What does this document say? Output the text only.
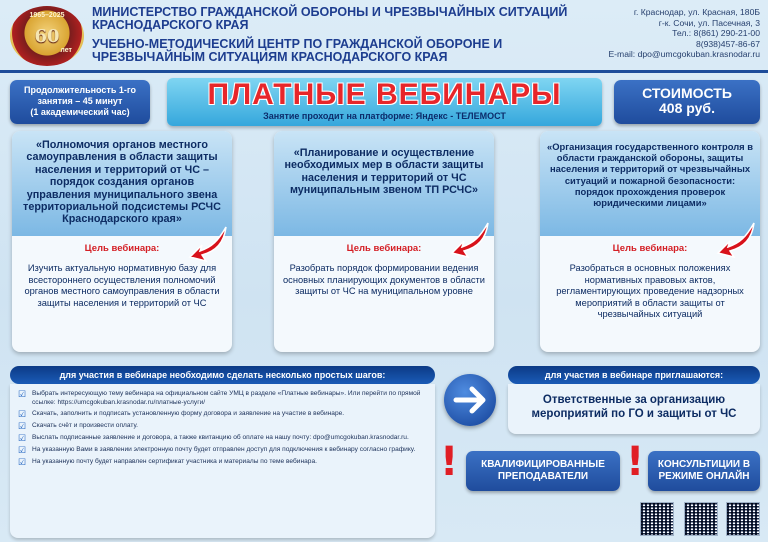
1965–2025
60
лет
МИНИСТЕРСТВО ГРАЖДАНСКОЙ ОБОРОНЫ И ЧРЕЗВЫЧАЙНЫХ СИТУАЦИЙ КРАСНОДАРСКОГО КРАЯ
УЧЕБНО-МЕТОДИЧЕСКИЙ ЦЕНТР ПО ГРАЖДАНСКОЙ ОБОРОНЕ И ЧРЕЗВЫЧАЙНЫМ СИТУАЦИЯМ КРАСНОДАРСКОГО КРАЯ
г. Краснодар, ул. Красная, 180Б
г-к. Сочи, ул. Пасечная, 3
Тел.: 8(861) 290-21-00
8(938)457-86-67
E-mail: dpo@umcgokuban.krasnodar.ru
Продолжительность 1-го
занятия – 45 минут
(1 академический час)
ПЛАТНЫЕ ВЕБИНАРЫ
Занятие проходит на платформе: Яндекс - ТЕЛЕМОСТ
СТОИМОСТЬ
408 руб.
«Полномочия органов местного самоуправления в области защиты населения и территорий от ЧС – порядок создания органов управления муниципального звена территориальной подсистемы РСЧС Краснодарского края»
Цель вебинара:
Изучить актуальную нормативную базу для всестороннего осуществления полномочий органов местного самоуправления в области защиты населения и территорий от ЧС
«Планирование и осуществление необходимых мер в области защиты населения и территорий от ЧС муниципальным звеном ТП РСЧС»
Цель вебинара:
Разобрать порядок формировании ведения основных планирующих документов в области защиты от ЧС на муниципальном уровне
«Организация государственного контроля в области гражданской обороны, защиты населения и территорий от чрезвычайных ситуаций и пожарной безопасности: порядок прохождения проверок юридическими лицами»
Цель вебинара:
Разобраться в основных положениях нормативных правовых актов, регламентирующих проведение надзорных мероприятий в области защиты от чрезвычайных ситуаций
для участия в вебинаре необходимо сделать несколько простых шагов:
☑ Выбрать интересующую тему вебинара на официальном сайте УМЦ в разделе «Платные вебинары». Или перейти по прямой ссылке: https://umcgokuban.krasnodar.ru/платные-услуги/
☑ Скачать, заполнить и подписать установленную форму договора и заявление на участие в вебинаре.
☑ Скачать счёт и произвести оплату.
☑ Выслать подписанные заявление и договора, а также квитанцию об оплате на нашу почту: dpo@umcgokuban.krasnodar.ru.
☑ На указанную Вами в заявлении электронную почту будет отправлен доступ для подключения к вебинару согласно графику.
☑ На указанную почту будет направлен сертификат участника и материалы по теме вебинара.
для участия в вебинаре приглашаются:
Ответственные за организацию мероприятий по ГО и защиты от ЧС
!	КВАЛИФИЦИРОВАННЫЕ ПРЕПОДАВАТЕЛИ !	КОНСУЛЬТИЦИИ В РЕЖИМЕ ОНЛАЙН
